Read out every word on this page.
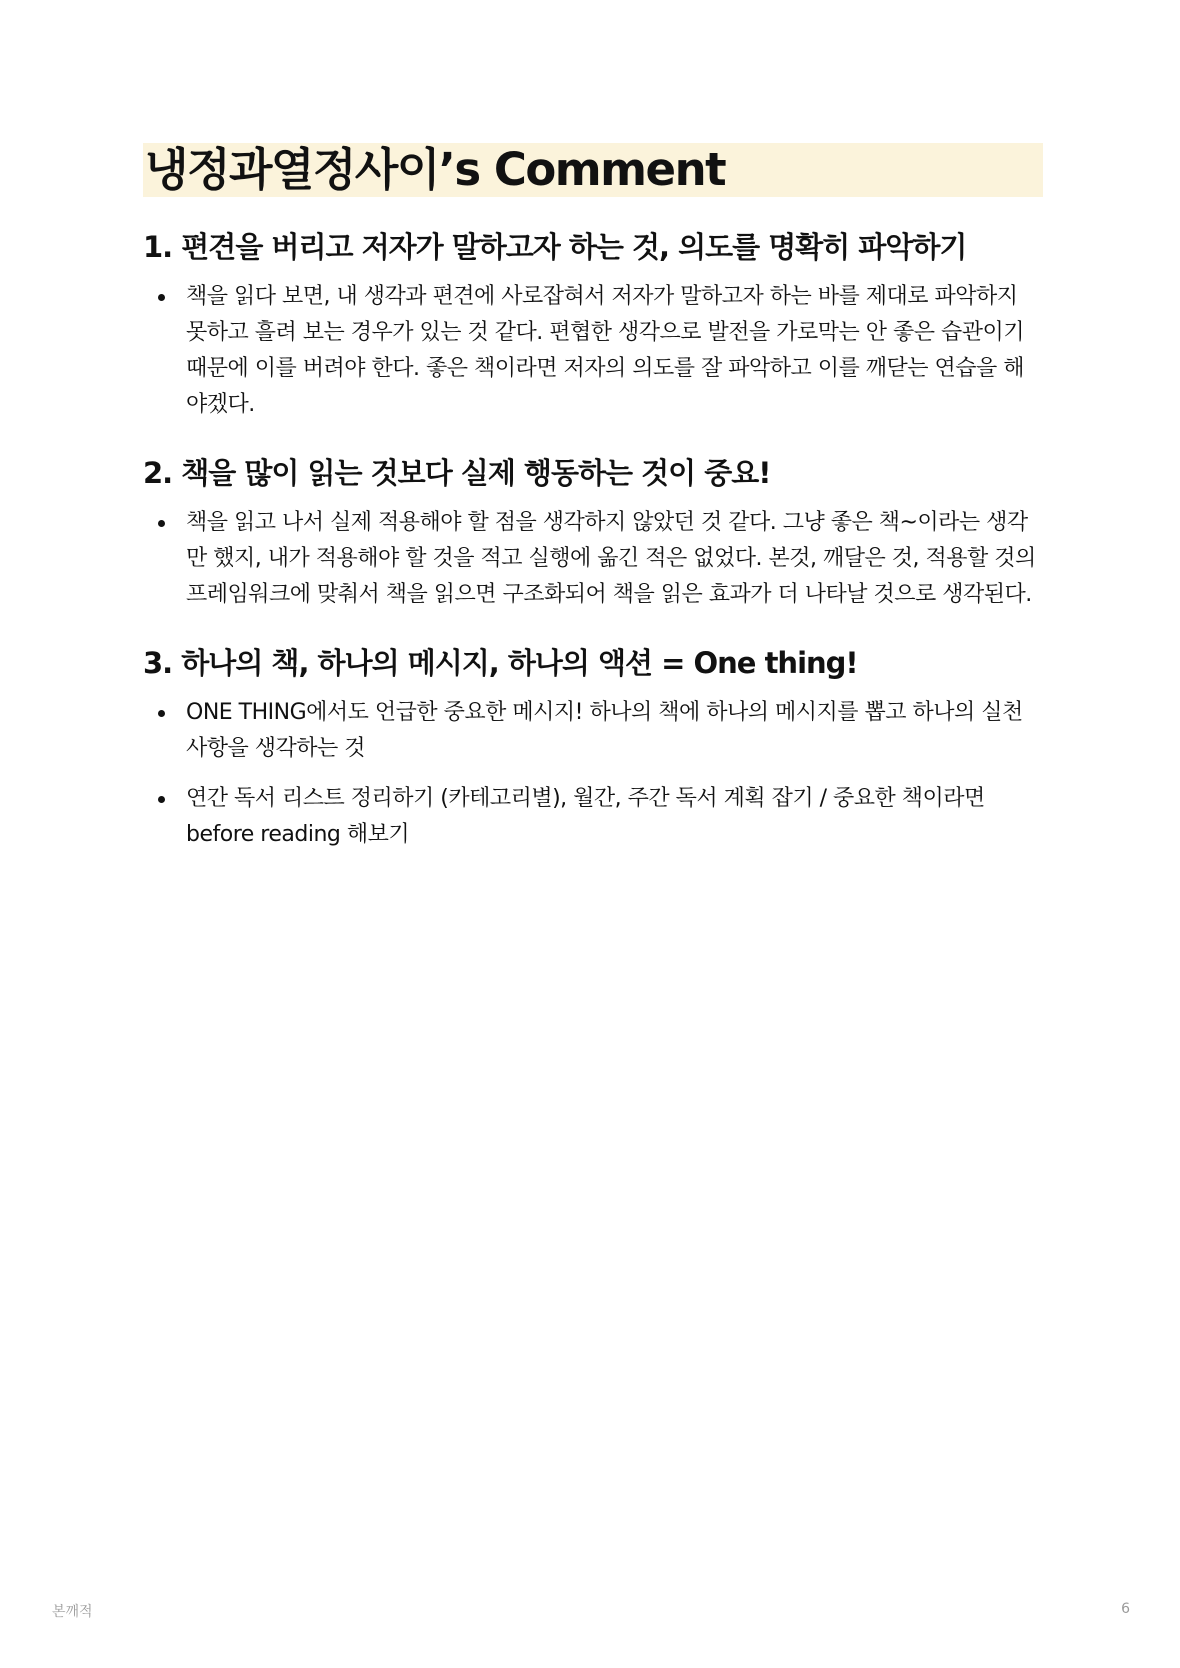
냉정과열정사이’s Comment
1. 편견을 버리고 저자가 말하고자 하는 것, 의도를 명확히 파악하기
책을 읽다 보면, 내 생각과 편견에 사로잡혀서 저자가 말하고자 하는 바를 제대로 파악하지 못하고 흘려 보는 경우가 있는 것 같다. 편협한 생각으로 발전을 가로막는 안 좋은 습관이기 때문에 이를 버려야 한다. 좋은 책이라면 저자의 의도를 잘 파악하고 이를 깨닫는 연습을 해야겠다.
2. 책을 많이 읽는 것보다 실제 행동하는 것이 중요!
책을 읽고 나서 실제 적용해야 할 점을 생각하지 않았던 것 같다. 그냥 좋은 책~이라는 생각만 했지, 내가 적용해야 할 것을 적고 실행에 옮긴 적은 없었다. 본것, 깨달은 것, 적용할 것의 프레임워크에 맞춰서 책을 읽으면 구조화되어 책을 읽은 효과가 더 나타날 것으로 생각된다.
3. 하나의 책, 하나의 메시지, 하나의 액션 = One thing!
ONE THING에서도 언급한 중요한 메시지! 하나의 책에 하나의 메시지를 뽑고 하나의 실천사항을 생각하는 것
연간 독서 리스트 정리하기 (카테고리별), 월간, 주간 독서 계획 잡기 / 중요한 책이라면 before reading 해보기
본깨적	6
